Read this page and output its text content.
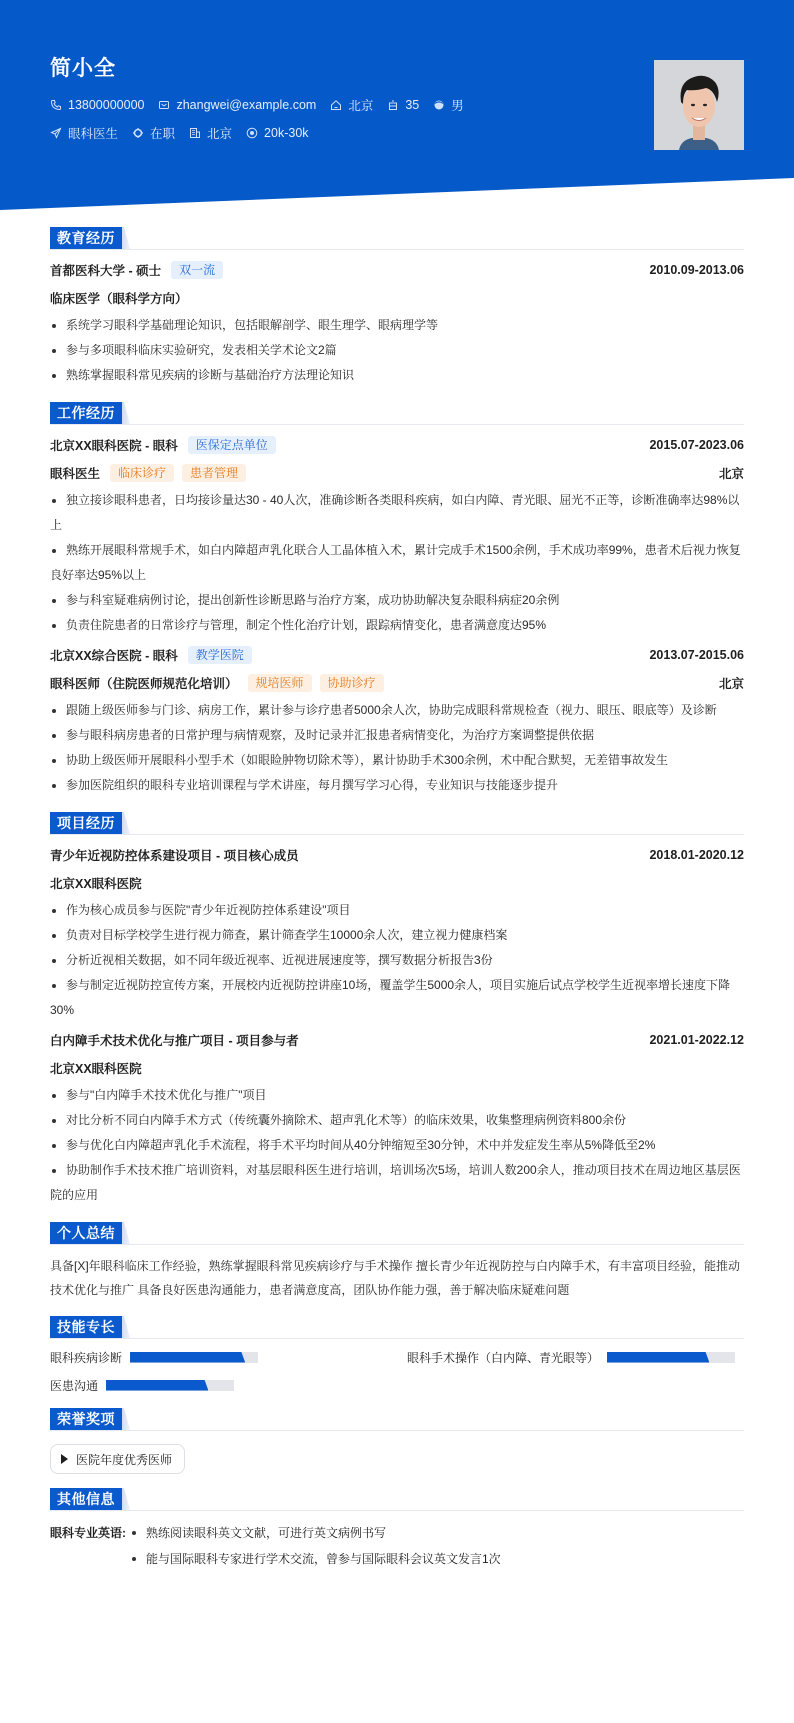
简小全
13800000000	zhangwei@example.com	北京	35	男
眼科医生	在职	北京	20k-30k
教育经历
首都医科大学 - 硕士	双一流	2010.09-2013.06
临床医学（眼科学方向）
系统学习眼科学基础理论知识，包括眼解剖学、眼生理学、眼病理学等
参与多项眼科临床实验研究，发表相关学术论文2篇
熟练掌握眼科常见疾病的诊断与基础治疗方法理论知识
工作经历
北京XX眼科医院 - 眼科	医保定点单位	2015.07-2023.06
眼科医生	临床诊疗	患者管理	北京
独立接诊眼科患者，日均接诊量达30 - 40人次，准确诊断各类眼科疾病，如白内障、青光眼、屈光不正等，诊断准确率达98%以上
熟练开展眼科常规手术，如白内障超声乳化联合人工晶体植入术，累计完成手术1500余例，手术成功率99%，患者术后视力恢复良好率达95%以上
参与科室疑难病例讨论，提出创新性诊断思路与治疗方案，成功协助解决复杂眼科病症20余例
负责住院患者的日常诊疗与管理，制定个性化治疗计划，跟踪病情变化，患者满意度达95%
北京XX综合医院 - 眼科	教学医院	2013.07-2015.06
眼科医师（住院医师规范化培训）	规培医师	协助诊疗	北京
跟随上级医师参与门诊、病房工作，累计参与诊疗患者5000余人次，协助完成眼科常规检查（视力、眼压、眼底等）及诊断
参与眼科病房患者的日常护理与病情观察，及时记录并汇报患者病情变化，为治疗方案调整提供依据
协助上级医师开展眼科小型手术（如眼睑肿物切除术等），累计协助手术300余例，术中配合默契，无差错事故发生
参加医院组织的眼科专业培训课程与学术讲座，每月撰写学习心得，专业知识与技能逐步提升
项目经历
青少年近视防控体系建设项目 - 项目核心成员	2018.01-2020.12
北京XX眼科医院
作为核心成员参与医院"青少年近视防控体系建设"项目
负责对目标学校学生进行视力筛查，累计筛查学生10000余人次，建立视力健康档案
分析近视相关数据，如不同年级近视率、近视进展速度等，撰写数据分析报告3份
参与制定近视防控宣传方案，开展校内近视防控讲座10场，覆盖学生5000余人，项目实施后试点学校学生近视率增长速度下降30%
白内障手术技术优化与推广项目 - 项目参与者	2021.01-2022.12
北京XX眼科医院
参与"白内障手术技术优化与推广"项目
对比分析不同白内障手术方式（传统囊外摘除术、超声乳化术等）的临床效果，收集整理病例资料800余份
参与优化白内障超声乳化手术流程，将手术平均时间从40分钟缩短至30分钟，术中并发症发生率从5%降低至2%
协助制作手术技术推广培训资料，对基层眼科医生进行培训，培训场次5场，培训人数200余人，推动项目技术在周边地区基层医院的应用
个人总结

具备[X]年眼科临床工作经验，熟练掌握眼科常见疾病诊疗与手术操作 擅长青少年近视防控与白内障手术，有丰富项目经验，能推动技术优化与推广 具备良好医患沟通能力，患者满意度高，团队协作能力强，善于解决临床疑难问题

技能专长
眼科疾病诊断	眼科手术操作（白内障、青光眼等）
医患沟通
荣誉奖项
医院年度优秀医师
其他信息
眼科专业英语:	熟练阅读眼科英文文献，可进行英文病例书写
能与国际眼科专家进行学术交流，曾参与国际眼科会议英文发言1次
